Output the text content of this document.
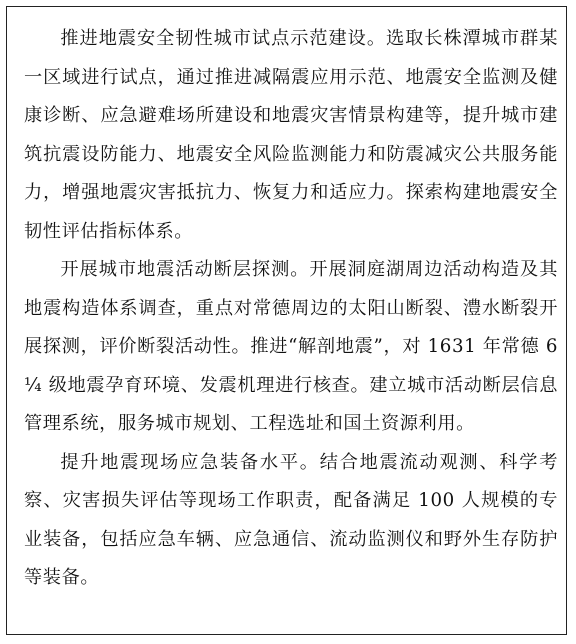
推进地震安全韧性城市试点示范建设。选取长株潭城市群某一区域进行试点，通过推进减隔震应用示范、地震安全监测及健康诊断、应急避难场所建设和地震灾害情景构建等，提升城市建筑抗震设防能力、地震安全风险监测能力和防震减灾公共服务能力，增强地震灾害抵抗力、恢复力和适应力。探索构建地震安全韧性评估指标体系。

开展城市地震活动断层探测。开展洞庭湖周边活动构造及其地震构造体系调查，重点对常德周边的太阳山断裂、澧水断裂开展探测，评价断裂活动性。推进“解剖地震”，对 1631 年常德 6¼ 级地震孕育环境、发震机理进行核查。建立城市活动断层信息管理系统，服务城市规划、工程选址和国土资源利用。

提升地震现场应急装备水平。结合地震流动观测、科学考察、灾害损失评估等现场工作职责，配备满足 100 人规模的专业装备，包括应急车辆、应急通信、流动监测仪和野外生存防护等装备。
